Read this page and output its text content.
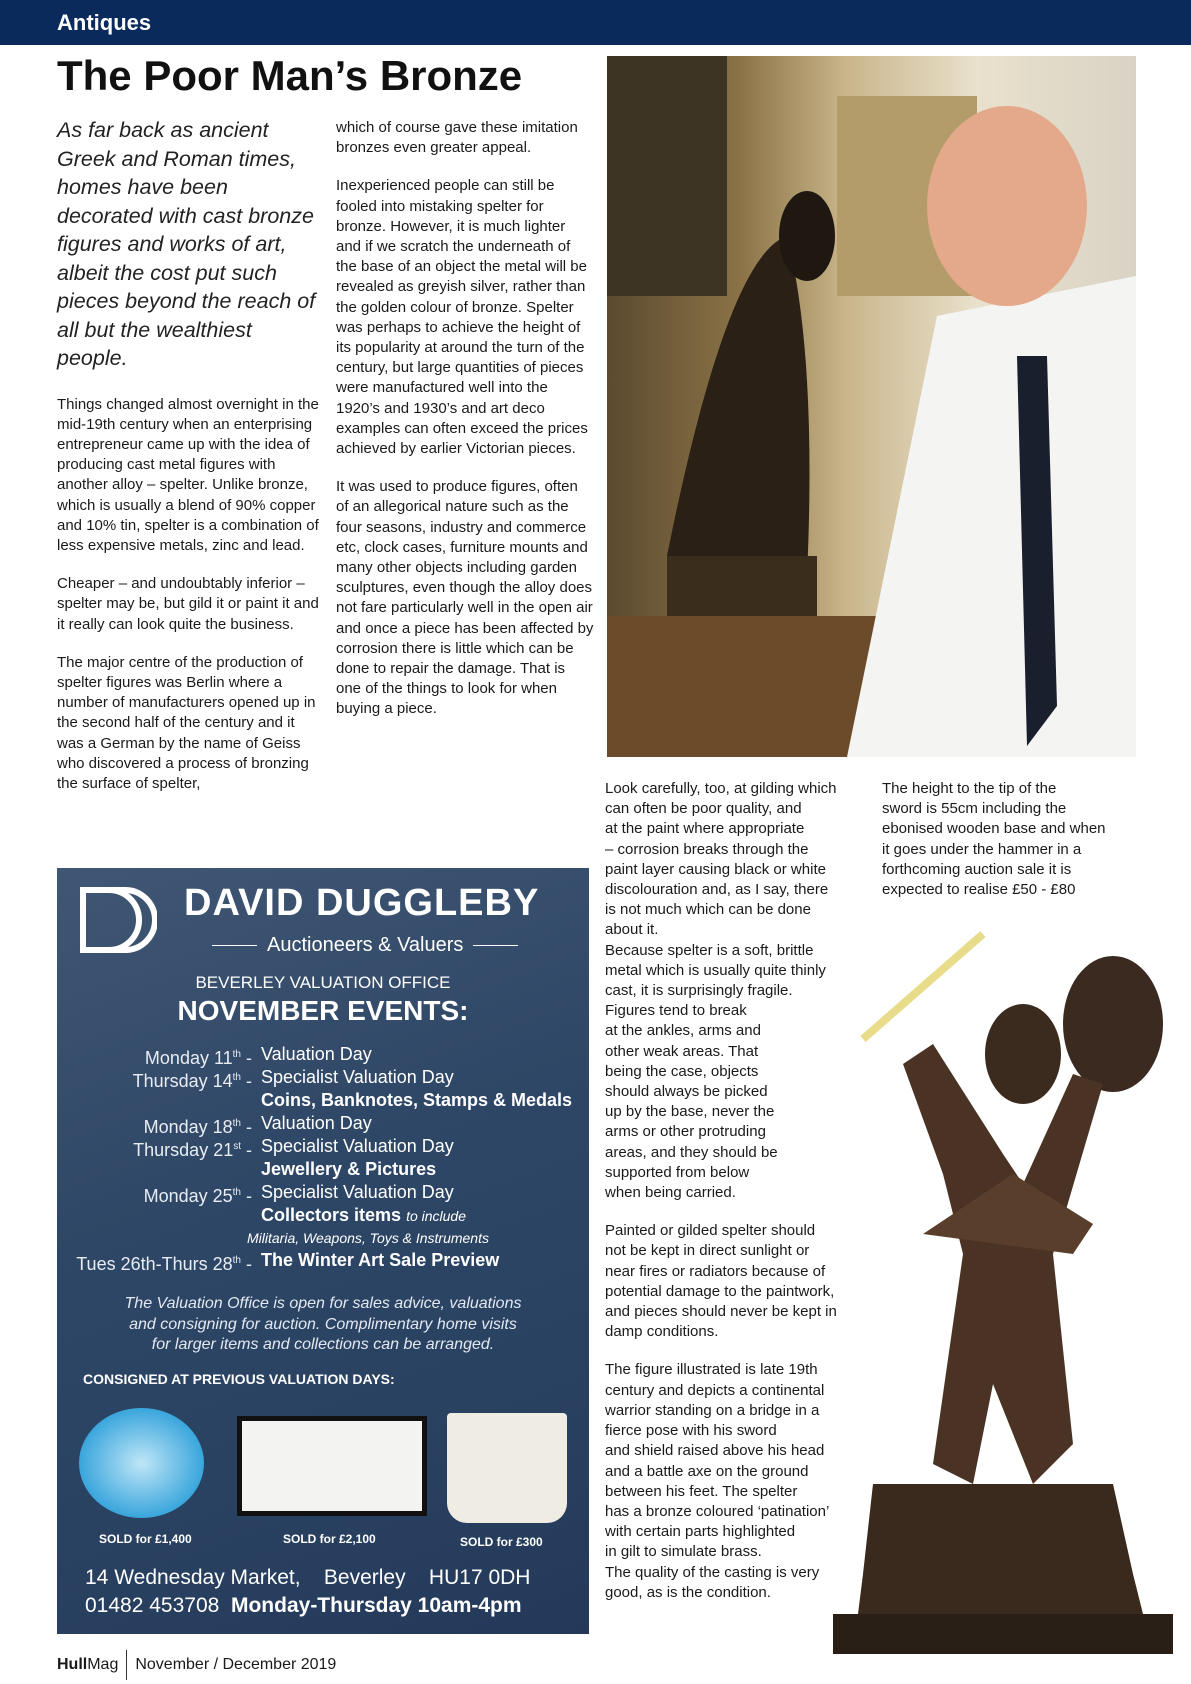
Antiques
The Poor Man’s Bronze

As far back as ancient Greek and Roman times, homes have been decorated with cast bronze figures and works of art, albeit the cost put such pieces beyond the reach of all but the wealthiest people.

Things changed almost overnight in the mid-19th century when an enterprising entrepreneur came up with the idea of producing cast metal figures with another alloy – spelter. Unlike bronze, which is usually a blend of 90% copper and 10% tin, spelter is a combination of less expensive metals, zinc and lead.

Cheaper – and undoubtably inferior – spelter may be, but gild it or paint it and it really can look quite the business.

The major centre of the production of spelter figures was Berlin where a number of manufacturers opened up in the second half of the century and it was a German by the name of Geiss who discovered a process of bronzing the surface of spelter,

which of course gave these imitation bronzes even greater appeal.

Inexperienced people can still be fooled into mistaking spelter for bronze. However, it is much lighter and if we scratch the underneath of the base of an object the metal will be revealed as greyish silver, rather than the golden colour of bronze. Spelter was perhaps to achieve the height of its popularity at around the turn of the century, but large quantities of pieces were manufactured well into the 1920’s and 1930’s and art deco examples can often exceed the prices achieved by earlier Victorian pieces.

It was used to produce figures, often of an allegorical nature such as the four seasons, industry and commerce etc, clock cases, furniture mounts and many other objects including garden sculptures, even though the alloy does not fare particularly well in the open air and once a piece has been affected by corrosion there is little which can be done to repair the damage. That is one of the things to look for when buying a piece.

Look carefully, too, at gilding which
can often be poor quality, and
at the paint where appropriate
– corrosion breaks through the
paint layer causing black or white
discolouration and, as I say, there
is not much which can be done
about it.
Because spelter is a soft, brittle
metal which is usually quite thinly
cast, it is surprisingly fragile.
Figures tend to break
at the ankles, arms and
other weak areas. That
being the case, objects
should always be picked
up by the base, never the
arms or other protruding
areas, and they should be
supported from below
when being carried.

Painted or gilded spelter should
not be kept in direct sunlight or
near fires or radiators because of
potential damage to the paintwork,
and pieces should never be kept in
damp conditions.

The figure illustrated is late 19th
century and depicts a continental
warrior standing on a bridge in a
fierce pose with his sword
and shield raised above his head
and a battle axe on the ground
between his feet. The spelter
has a bronze coloured ‘patination’
with certain parts highlighted
in gilt to simulate brass.
The quality of the casting is very
good, as is the condition.

The height to the tip of the
sword is 55cm including the
ebonised wooden base and when
it goes under the hammer in a
forthcoming auction sale it is
expected to realise £50 - £80

DAVID DUGGLEBY
Auctioneers & Valuers
BEVERLEY VALUATION OFFICE
NOVEMBER EVENTS:
Monday 11th - Valuation Day
Thursday 14th - Specialist Valuation Day
Coins, Banknotes, Stamps & Medals
Monday 18th - Valuation Day
Thursday 21st - Specialist Valuation Day
Jewellery & Pictures
Monday 25th - Specialist Valuation Day
Collectors items to include
Militaria, Weapons, Toys & Instruments
Tues 26th-Thurs 28th - The Winter Art Sale Preview
The Valuation Office is open for sales advice, valuations
and consigning for auction. Complimentary home visits
for larger items and collections can be arranged.
CONSIGNED AT PREVIOUS VALUATION DAYS:
SOLD for £1,400	SOLD for £2,100	SOLD for £300
14 Wednesday Market,    Beverley    HU17 0DH
01482 453708 Monday-Thursday 10am-4pm
Hull Mag November / December 2019
